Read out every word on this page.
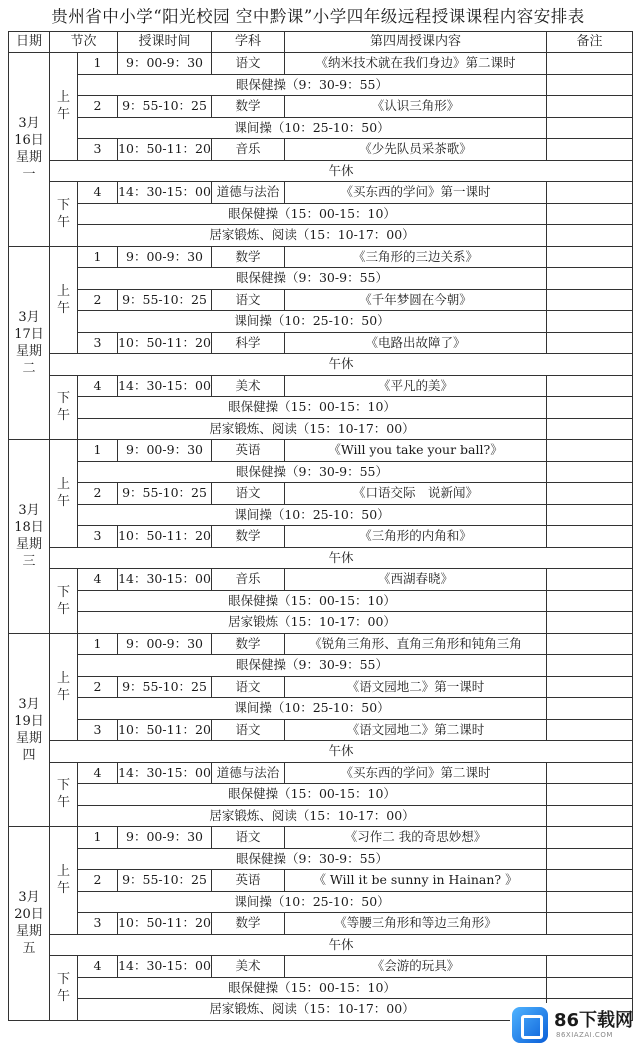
贵州省中小学“阳光校园 空中黔课”小学四年级远程授课课程内容安排表
日期	节次		授课时间	学科	第四周授课内容	备注
3月16日星期一	上午	1	9：00-9：30	语文	《纳米技术就在我们身边》第二课时	
		眼保健操（9：30-9：55）				
		2	9：55-10：25	数学	《认识三角形》	
		课间操（10：25-10：50）				
		3	10：50-11：20	音乐	《少先队员采茶歌》	
	午休					
	下午	4	14：30-15：00	道德与法治	《买东西的学问》第一课时	
		眼保健操（15：00-15：10）				
		居家锻炼、阅读（15：10-17：00）				
3月17日星期二	上午	1	9：00-9：30	数学	《三角形的三边关系》	
		眼保健操（9：30-9：55）				
		2	9：55-10：25	语文	《千年梦圆在今朝》	
		课间操（10：25-10：50）				
		3	10：50-11：20	科学	《电路出故障了》	
	午休					
	下午	4	14：30-15：00	美术	《平凡的美》	
		眼保健操（15：00-15：10）				
		居家锻炼、阅读（15：10-17：00）				
3月18日星期三	上午	1	9：00-9：30	英语	《Will you take your ball?》	
		眼保健操（9：30-9：55）				
		2	9：55-10：25	语文	《口语交际　说新闻》	
		课间操（10：25-10：50）				
		3	10：50-11：20	数学	《三角形的内角和》	
	午休					
	下午	4	14：30-15：00	音乐	《西湖春晓》	
		眼保健操（15：00-15：10）				
		居家锻炼（15：10-17：00）				
3月19日星期四	上午	1	9：00-9：30	数学	《锐角三角形、直角三角形和钝角三角	
		眼保健操（9：30-9：55）				
		2	9：55-10：25	语文	《语文园地二》第一课时	
		课间操（10：25-10：50）				
		3	10：50-11：20	语文	《语文园地二》第二课时	
	午休					
	下午	4	14：30-15：00	道德与法治	《买东西的学问》第二课时	
		眼保健操（15：00-15：10）				
		居家锻炼、阅读（15：10-17：00）				
3月20日星期五	上午	1	9：00-9：30	语文	《习作二 我的奇思妙想》	
		眼保健操（9：30-9：55）				
		2	9：55-10：25	英语	《 Will it be sunny in Hainan? 》	
		课间操（10：25-10：50）				
		3	10：50-11：20	数学	《等腰三角形和等边三角形》	
	午休					
	下午	4	14：30-15：00	美术	《会游的玩具》	
		眼保健操（15：00-15：10）				
		居家锻炼、阅读（15：10-17：00）				
86下载网
86XIAZAI.COM
